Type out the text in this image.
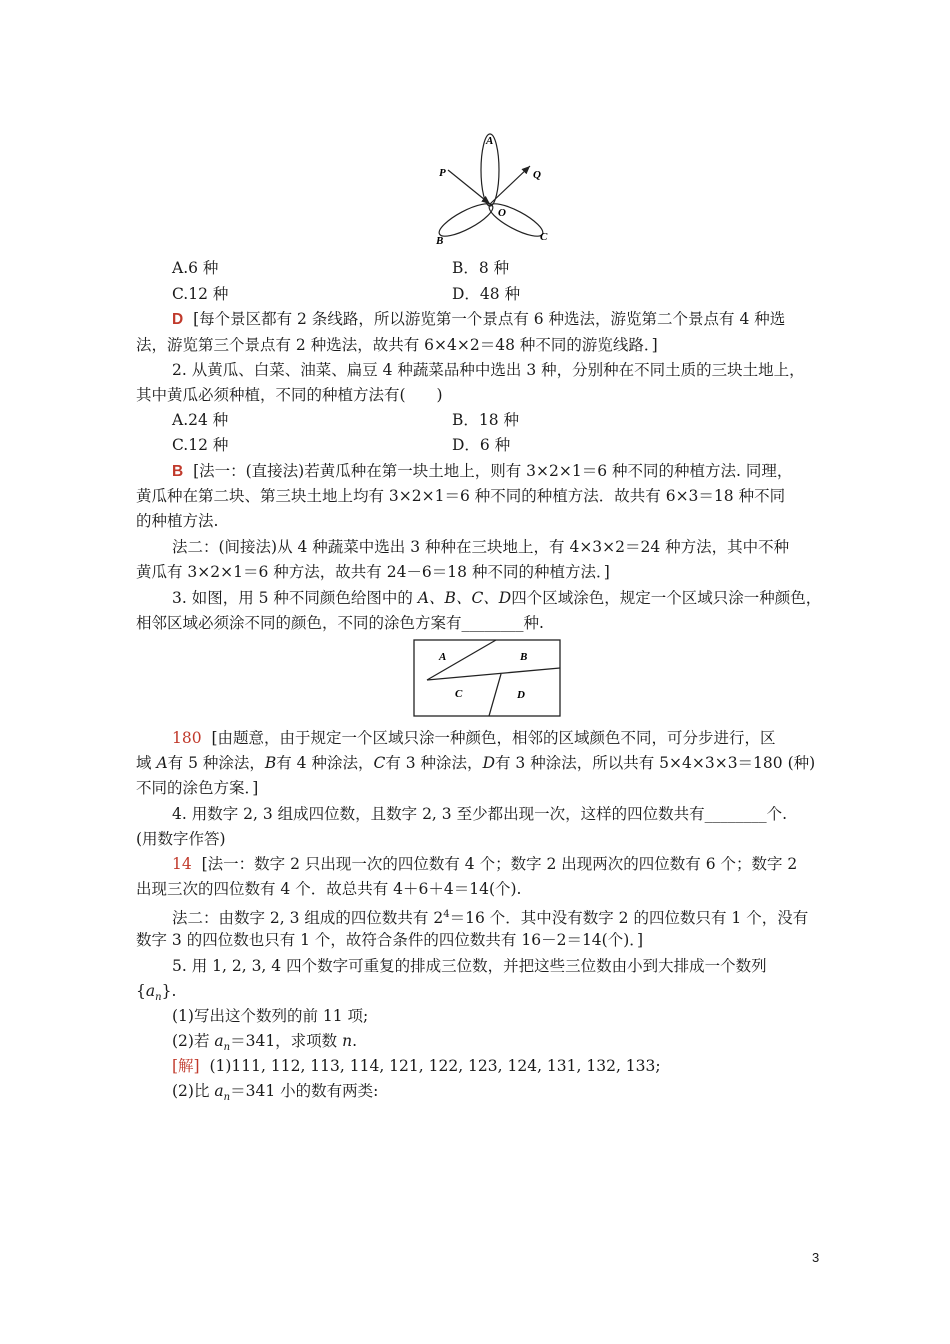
A
P	Q
O
B	C
A.6 种	B．8 种
C.12 种	D．48 种
D [每个景区都有 2 条线路，所以游览第一个景点有 6 种选法，游览第二个景点有 4 种选
法，游览第三个景点有 2 种选法，故共有 6×4×2＝48 种不同的游览线路．]
2. 从黄瓜、白菜、油菜、扁豆 4 种蔬菜品种中选出 3 种，分别种在不同土质的三块土地上，
其中黄瓜必须种植，不同的种植方法有(　　)
A.24 种	B．18 种
C.12 种	D．6 种
B [法一：(直接法)若黄瓜种在第一块土地上，则有 3×2×1＝6 种不同的种植方法. 同理，
黄瓜种在第二块、第三块土地上均有 3×2×1＝6 种不同的种植方法．故共有 6×3＝18 种不同
的种植方法.
法二：(间接法)从 4 种蔬菜中选出 3 种种在三块地上，有 4×3×2＝24 种方法，其中不种
黄瓜有 3×2×1＝6 种方法，故共有 24－6＝18 种不同的种植方法．]
3. 如图，用 5 种不同颜色给图中的 A、B、C、D四个区域涂色，规定一个区域只涂一种颜色，
相邻区域必须涂不同的颜色，不同的涂色方案有________种.
A	B
C	D
180 [由题意，由于规定一个区域只涂一种颜色，相邻的区域颜色不同，可分步进行，区
域 A有 5 种涂法，B有 4 种涂法，C有 3 种涂法，D有 3 种涂法，所以共有 5×4×3×3＝180 (种)
不同的涂色方案．]
4. 用数字 2, 3 组成四位数，且数字 2, 3 至少都出现一次，这样的四位数共有________个.
(用数字作答)
14 [法一：数字 2 只出现一次的四位数有 4 个；数字 2 出现两次的四位数有 6 个；数字 2
出现三次的四位数有 4 个．故总共有 4＋6＋4＝14(个).
法二：由数字 2, 3 组成的四位数共有 $2^4=16$ 个．其中没有数字 2 的四位数只有 1 个，没有
数字 3 的四位数也只有 1 个，故符合条件的四位数共有 16－2＝14(个)．]
5. 用 1, 2, 3, 4 四个数字可重复的排成三位数，并把这些三位数由小到大排成一个数列
$\{a_n\}$.
(1)写出这个数列的前 11 项;
(2)若 $a_n=341$，求项数 n.
[解] (1)111, 112, 113, 114, 121, 122, 123, 124, 131, 132, 133;
(2)比 $a_n=341$ 小的数有两类:
3
